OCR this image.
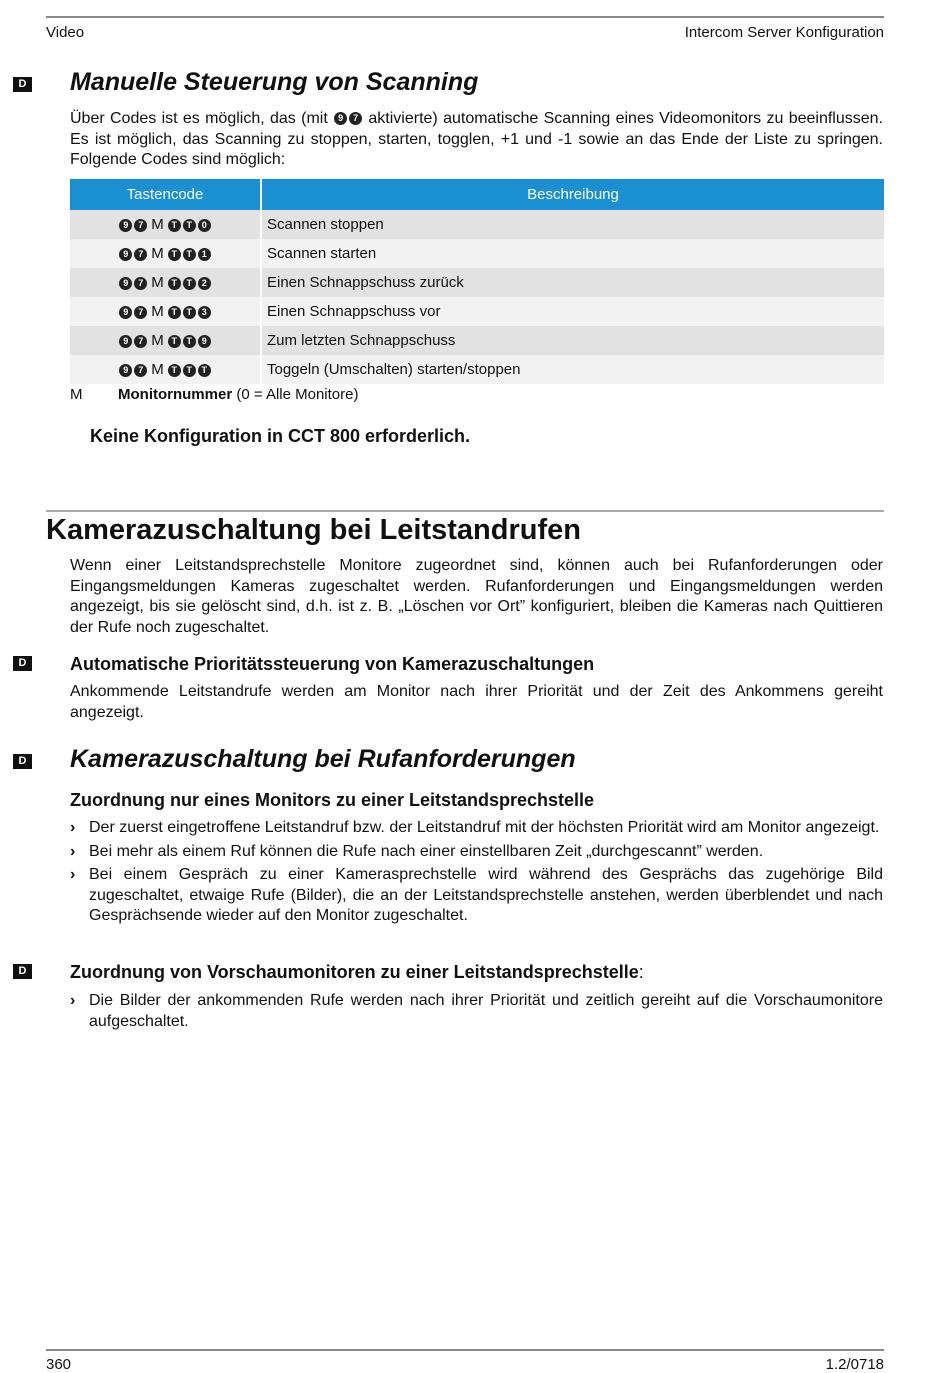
Video	Intercom Server Konfiguration
D Manuelle Steuerung von Scanning

Über Codes ist es möglich, das (mit 9 7 aktivierte) automatische Scanning eines Videomonitors zu beeinflussen. Es ist möglich, das Scanning zu stoppen, starten, togglen, +1 und -1 sowie an das Ende der Liste zu springen. Folgende Codes sind möglich:

Tastencode	Beschreibung
9 7 M T T 0	Scannen stoppen
9 7 M T T 1	Scannen starten
9 7 M T T 2	Einen Schnappschuss zurück
9 7 M T T 3	Einen Schnappschuss vor
9 7 M T T 9	Zum letzten Schnappschuss
9 7 M T T T	Toggeln (Umschalten) starten/stoppen
M Monitornummer (0 = Alle Monitore)
Keine Konfiguration in CCT 800 erforderlich.
Kamerazuschaltung bei Leitstandrufen

Wenn einer Leitstandsprechstelle Monitore zugeordnet sind, können auch bei Rufanforderungen oder Eingangsmeldungen Kameras zugeschaltet werden. Rufanforderungen und Eingangsmeldungen werden angezeigt, bis sie gelöscht sind, d.h. ist z. B. „Löschen vor Ort” konfiguriert, bleiben die Kameras nach Quittieren der Rufe noch zugeschaltet.

D	Automatische Prioritätssteuerung von Kamerazuschaltungen

Ankommende Leitstandrufe werden am Monitor nach ihrer Priorität und der Zeit des Ankommens gereiht angezeigt.

D Kamerazuschaltung bei Rufanforderungen
Zuordnung nur eines Monitors zu einer Leitstandsprechstelle
› Der zuerst eingetroffene Leitstandruf bzw. der Leitstandruf mit der höchsten Priorität wird am Monitor angezeigt.
› Bei mehr als einem Ruf können die Rufe nach einer einstellbaren Zeit „durchgescannt” werden.
› Bei einem Gespräch zu einer Kamerasprechstelle wird während des Gesprächs das zugehörige Bild zugeschaltet, etwaige Rufe (Bilder), die an der Leitstandsprechstelle anstehen, werden überblendet und nach Gesprächsende wieder auf den Monitor zugeschaltet.
D	Zuordnung von Vorschaumonitoren zu einer Leitstandsprechstelle:
› Die Bilder der ankommenden Rufe werden nach ihrer Priorität und zeitlich gereiht auf die Vorschaumonitore aufgeschaltet.
360	1.2/0718
